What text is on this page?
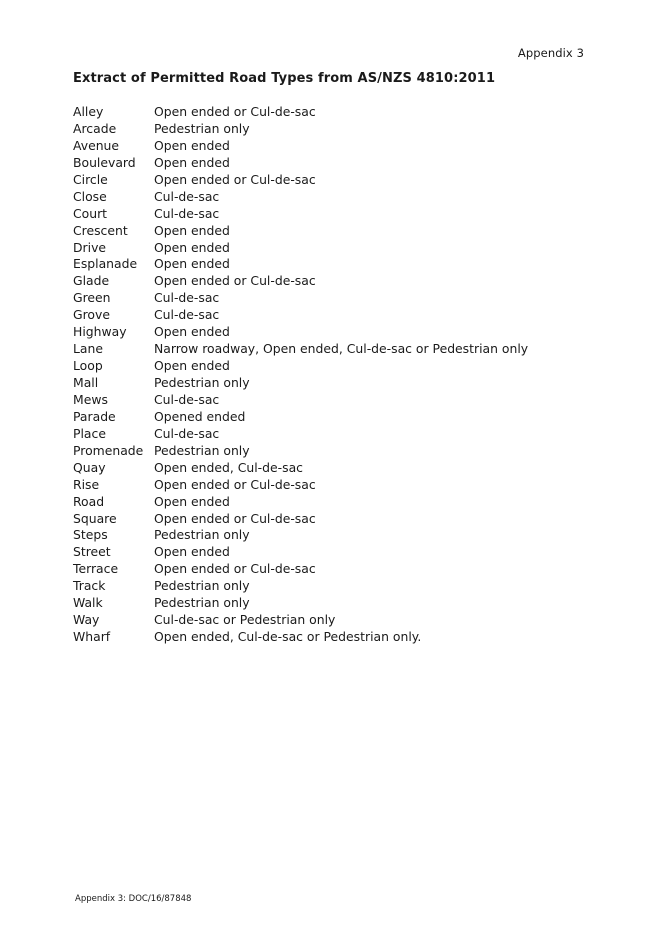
Appendix 3
Extract of Permitted Road Types from AS/NZS 4810:2011
Alley	Open ended or Cul-de-sac
Arcade	Pedestrian only
Avenue	Open ended
Boulevard	Open ended
Circle	Open ended or Cul-de-sac
Close	Cul-de-sac
Court	Cul-de-sac
Crescent	Open ended
Drive	Open ended
Esplanade	Open ended
Glade	Open ended or Cul-de-sac
Green	Cul-de-sac
Grove	Cul-de-sac
Highway	Open ended
Lane	Narrow roadway, Open ended, Cul-de-sac or Pedestrian only
Loop	Open ended
Mall	Pedestrian only
Mews	Cul-de-sac
Parade	Opened ended
Place	Cul-de-sac
Promenade Pedestrian only
Quay	Open ended, Cul-de-sac
Rise	Open ended or Cul-de-sac
Road	Open ended
Square	Open ended or Cul-de-sac
Steps	Pedestrian only
Street	Open ended
Terrace	Open ended or Cul-de-sac
Track	Pedestrian only
Walk	Pedestrian only
Way	Cul-de-sac or Pedestrian only
Wharf	Open ended, Cul-de-sac or Pedestrian only.
Appendix 3: DOC/16/87848
